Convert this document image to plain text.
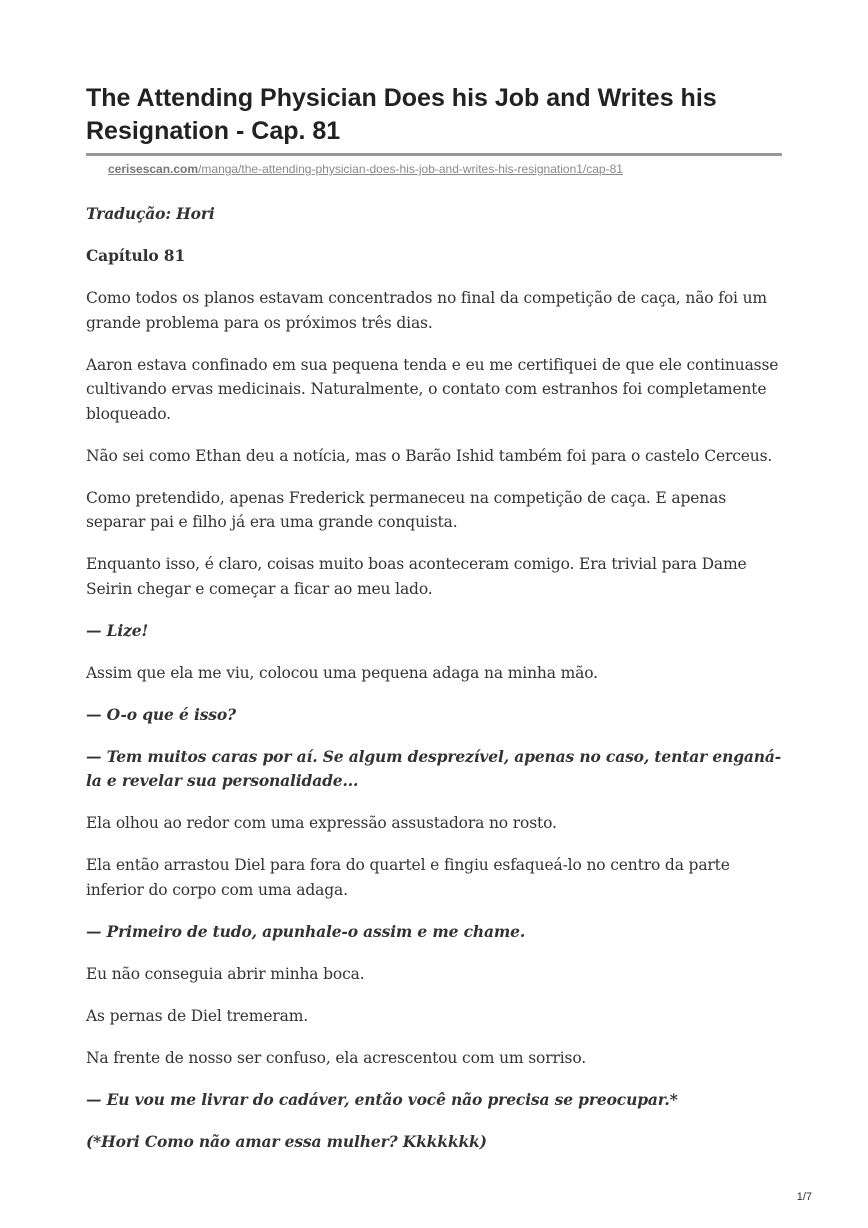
The Attending Physician Does his Job and Writes his Resignation - Cap. 81
cerisescan.com/manga/the-attending-physician-does-his-job-and-writes-his-resignation1/cap-81

Tradução: Hori

Capítulo 81

Como todos os planos estavam concentrados no final da competição de caça, não foi um grande problema para os próximos três dias.

Aaron estava confinado em sua pequena tenda e eu me certifiquei de que ele continuasse cultivando ervas medicinais. Naturalmente, o contato com estranhos foi completamente bloqueado.

Não sei como Ethan deu a notícia, mas o Barão Ishid também foi para o castelo Cerceus.

Como pretendido, apenas Frederick permaneceu na competição de caça. E apenas separar pai e filho já era uma grande conquista.

Enquanto isso, é claro, coisas muito boas aconteceram comigo. Era trivial para Dame Seirin chegar e começar a ficar ao meu lado.

— Lize!

Assim que ela me viu, colocou uma pequena adaga na minha mão.

— O-o que é isso?

— Tem muitos caras por aí. Se algum desprezível, apenas no caso, tentar enganá-la e revelar sua personalidade...

Ela olhou ao redor com uma expressão assustadora no rosto.

Ela então arrastou Diel para fora do quartel e fingiu esfaqueá-lo no centro da parte inferior do corpo com uma adaga.

— Primeiro de tudo, apunhale-o assim e me chame.

Eu não conseguia abrir minha boca.

As pernas de Diel tremeram.

Na frente de nosso ser confuso, ela acrescentou com um sorriso.

— Eu vou me livrar do cadáver, então você não precisa se preocupar.*

(*Hori Como não amar essa mulher? Kkkkkkk)

1/7
